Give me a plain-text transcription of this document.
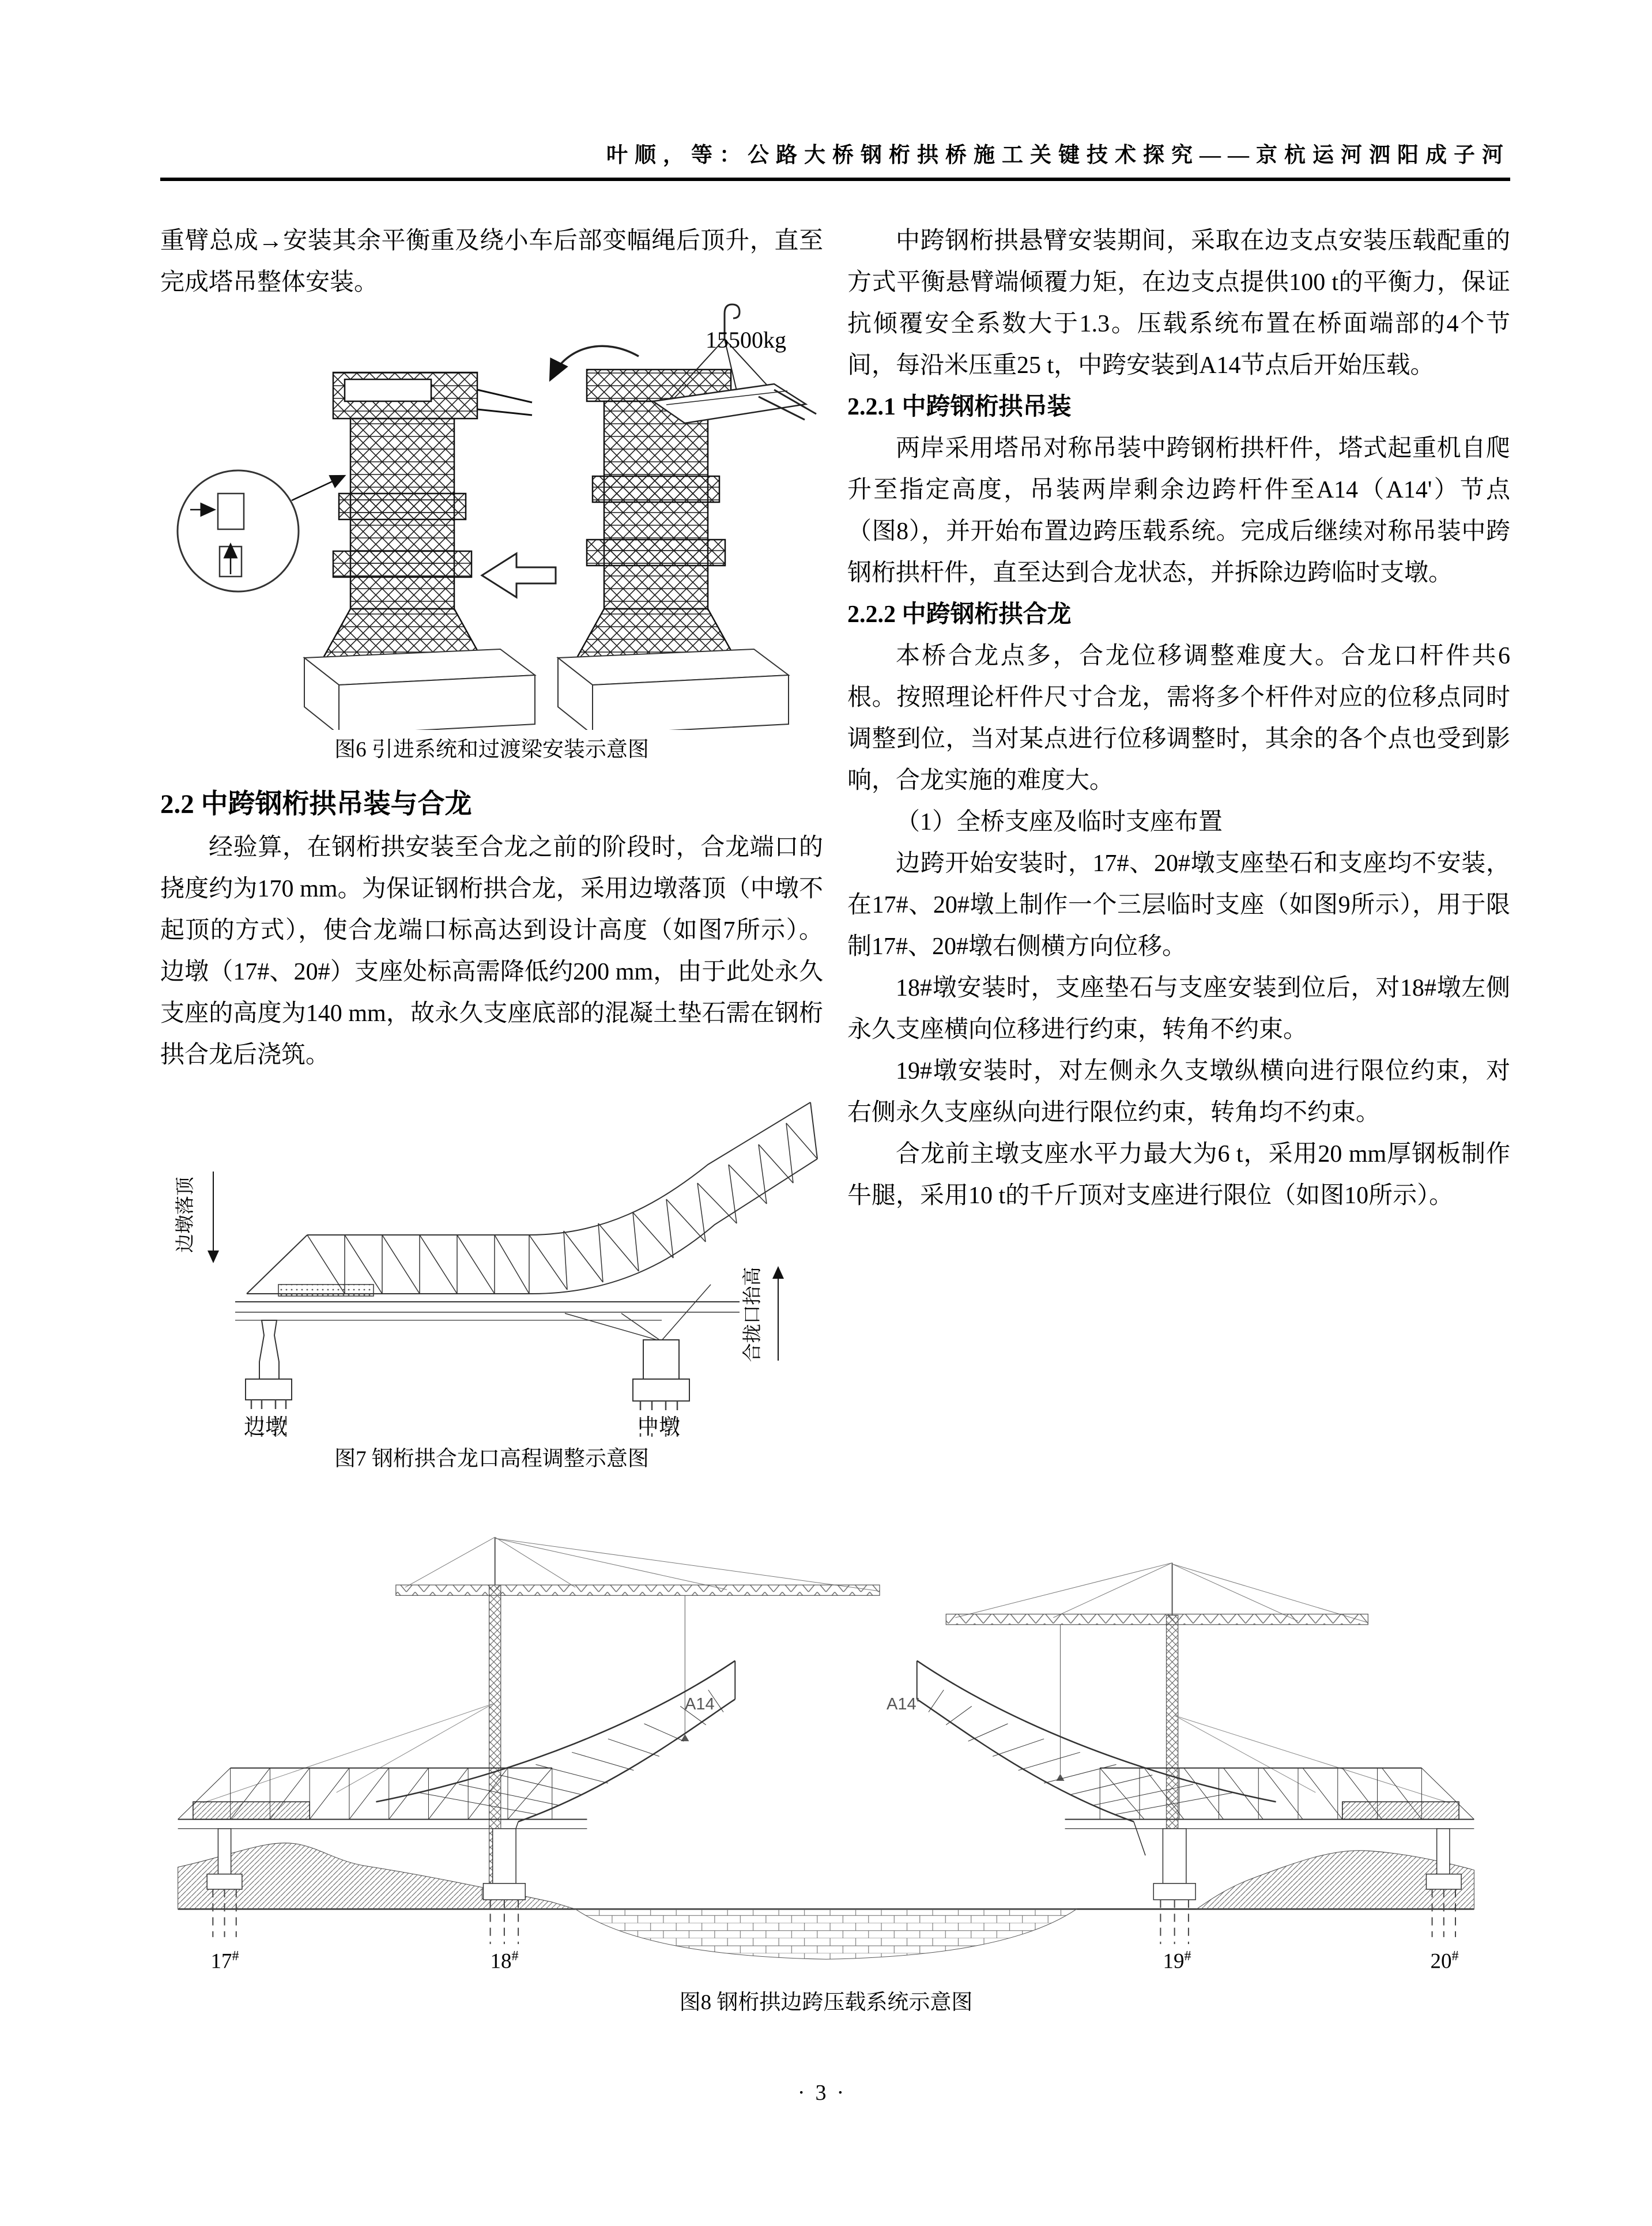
叶顺，等：公路大桥钢桁拱桥施工关键技术探究——京杭运河泗阳成子河

重臂总成→安装其余平衡重及绕小车后部变幅绳后顶升，直至完成塔吊整体安装。

15500kg
图6 引进系统和过渡梁安装示意图

2.2 中跨钢桁拱吊装与合龙

经验算，在钢桁拱安装至合龙之前的阶段时，合龙端口的挠度约为170 mm。为保证钢桁拱合龙，采用边墩落顶（中墩不起顶的方式），使合龙端口标高达到设计高度（如图7所示）。边墩（17#、20#）支座处标高需降低约200 mm，由于此处永久支座的高度为140 mm，故永久支座底部的混凝土垫石需在钢桁拱合龙后浇筑。

边墩落顶
合拢口抬高
边墩	中墩
图7 钢桁拱合龙口高程调整示意图

中跨钢桁拱悬臂安装期间，采取在边支点安装压载配重的方式平衡悬臂端倾覆力矩，在边支点提供100 t的平衡力，保证抗倾覆安全系数大于1.3。压载系统布置在桥面端部的4个节间，每沿米压重25 t，中跨安装到A14节点后开始压载。

2.2.1 中跨钢桁拱吊装

两岸采用塔吊对称吊装中跨钢桁拱杆件，塔式起重机自爬升至指定高度，吊装两岸剩余边跨杆件至A14（A14'）节点（图8），并开始布置边跨压载系统。完成后继续对称吊装中跨钢桁拱杆件，直至达到合龙状态，并拆除边跨临时支墩。

2.2.2 中跨钢桁拱合龙

本桥合龙点多，合龙位移调整难度大。合龙口杆件共6根。按照理论杆件尺寸合龙，需将多个杆件对应的位移点同时调整到位，当对某点进行位移调整时，其余的各个点也受到影响，合龙实施的难度大。

（1）全桥支座及临时支座布置

边跨开始安装时，17#、20#墩支座垫石和支座均不安装，在17#、20#墩上制作一个三层临时支座（如图9所示），用于限制17#、20#墩右侧横方向位移。

18#墩安装时，支座垫石与支座安装到位后，对18#墩左侧永久支座横向位移进行约束，转角不约束。

19#墩安装时，对左侧永久支墩纵横向进行限位约束，对右侧永久支座纵向进行限位约束，转角均不约束。

合龙前主墩支座水平力最大为6 t，采用20 mm厚钢板制作牛腿，采用10 t的千斤顶对支座进行限位（如图10所示）。

A14	A14'
17#	18#	19#	20#
图8 钢桁拱边跨压载系统示意图
·3·
